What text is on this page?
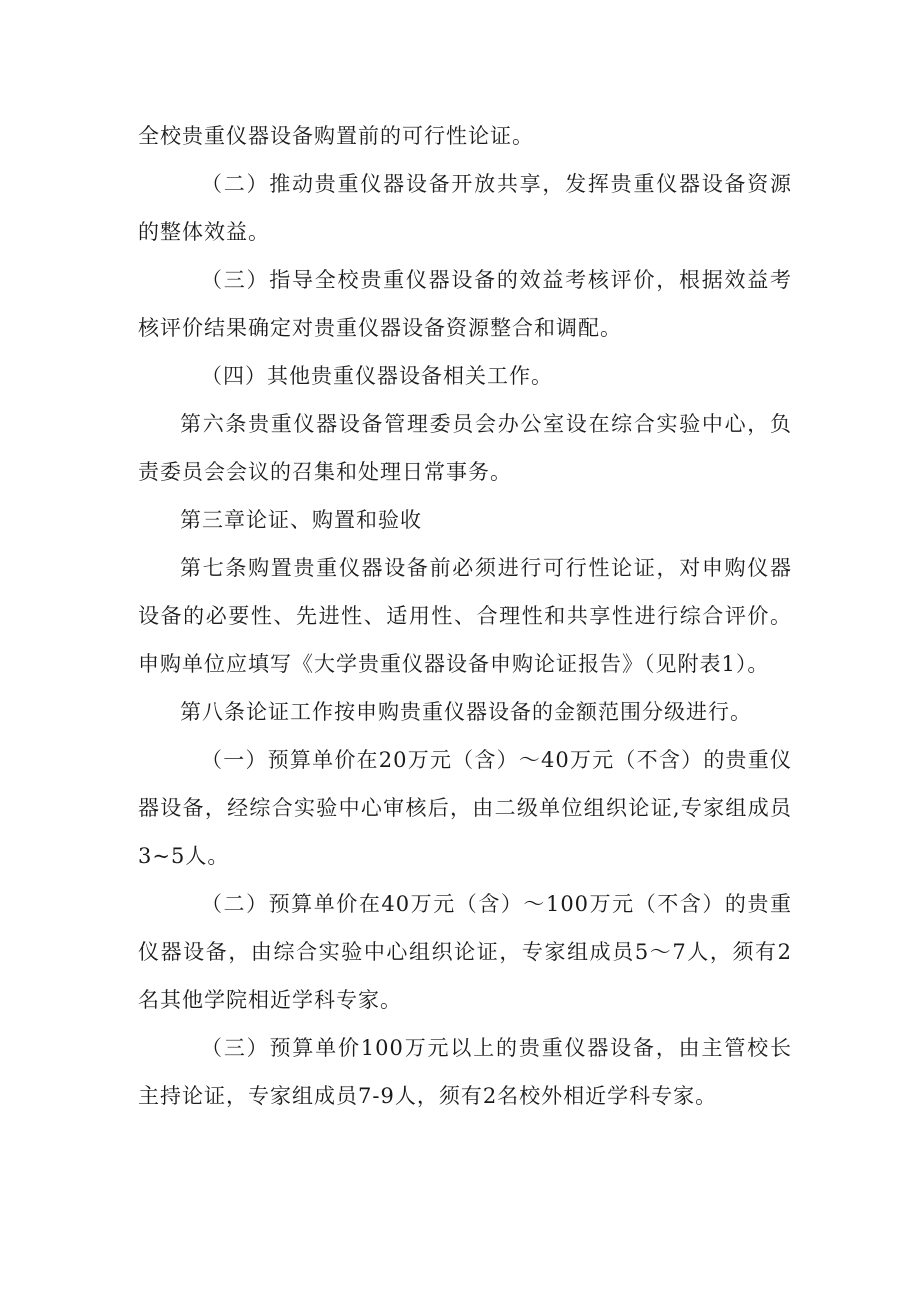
全校贵重仪器设备购置前的可行性论证。

（二）推动贵重仪器设备开放共享，发挥贵重仪器设备资源的整体效益。

（三）指导全校贵重仪器设备的效益考核评价，根据效益考核评价结果确定对贵重仪器设备资源整合和调配。

（四）其他贵重仪器设备相关工作。

第六条贵重仪器设备管理委员会办公室设在综合实验中心，负责委员会会议的召集和处理日常事务。

第三章论证、购置和验收

第七条购置贵重仪器设备前必须进行可行性论证，对申购仪器设备的必要性、先进性、适用性、合理性和共享性进行综合评价。申购单位应填写《大学贵重仪器设备申购论证报告》（见附表1）。

第八条论证工作按申购贵重仪器设备的金额范围分级进行。

（一）预算单价在20万元（含）～40万元（不含）的贵重仪器设备，经综合实验中心审核后，由二级单位组织论证,专家组成员3~5人。

（二）预算单价在40万元（含）～100万元（不含）的贵重仪器设备，由综合实验中心组织论证，专家组成员5～7人，须有2名其他学院相近学科专家。

（三）预算单价100万元以上的贵重仪器设备，由主管校长主持论证，专家组成员7-9人，须有2名校外相近学科专家。
